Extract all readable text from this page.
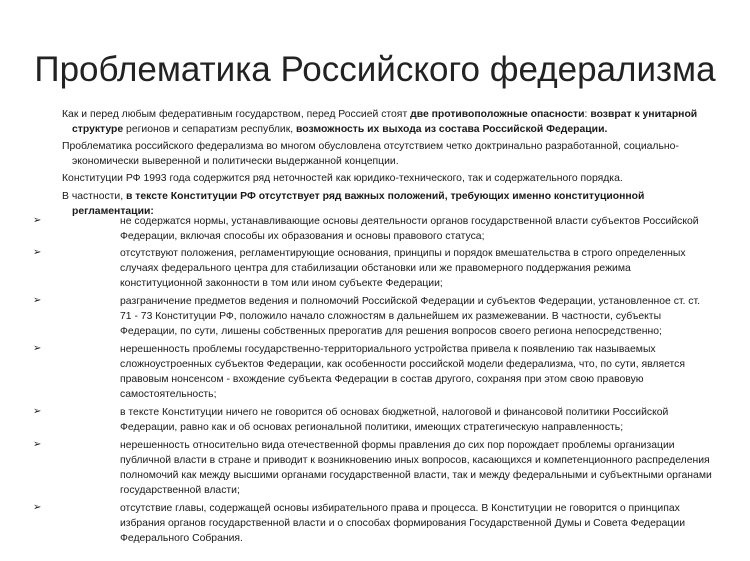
Проблематика Российского федерализма

Как и перед любым федеративным государством, перед Россией стоят две противоположные опасности: возврат к унитарной структуре регионов и сепаратизм республик, возможность их выхода из состава Российской Федерации.

Проблематика российского федерализма во многом обусловлена отсутствием четко доктринально разработанной, социально-экономически выверенной и политически выдержанной концепции.

Конституции РФ 1993 года содержится ряд неточностей как юридико-технического, так и содержательного порядка.

В частности, в тексте Конституции РФ отсутствует ряд важных положений, требующих именно конституционной регламентации:

➢	не содержатся нормы, устанавливающие основы деятельности органов государственной власти субъектов Российской Федерации, включая способы их образования и основы правового статуса;
➢	отсутствуют положения, регламентирующие основания, принципы и порядок вмешательства в строго определенных случаях федерального центра для стабилизации обстановки или же правомерного поддержания режима конституционной законности в том или ином субъекте Федерации;
➢	разграничение предметов ведения и полномочий Российской Федерации и субъектов Федерации, установленное ст. ст. 71 - 73 Конституции РФ, положило начало сложностям в дальнейшем их размежевании. В частности, субъекты Федерации, по сути, лишены собственных прерогатив для решения вопросов своего региона непосредственно;
➢	нерешенность проблемы государственно-территориального устройства привела к появлению так называемых сложноустроенных субъектов Федерации, как особенности российской модели федерализма, что, по сути, является правовым нонсенсом - вхождение субъекта Федерации в состав другого, сохраняя при этом свою правовую самостоятельность;
➢	в тексте Конституции ничего не говорится об основах бюджетной, налоговой и финансовой политики Российской Федерации, равно как и об основах региональной политики, имеющих стратегическую направленность;
➢	нерешенность относительно вида отечественной формы правления до сих пор порождает проблемы организации публичной власти в стране и приводит к возникновению иных вопросов, касающихся и компетенционного распределения полномочий как между высшими органами государственной власти, так и между федеральными и субъектными органами государственной власти;
➢	отсутствие главы, содержащей основы избирательного права и процесса. В Конституции не говорится о принципах избрания органов государственной власти и о способах формирования Государственной Думы и Совета Федерации Федерального Собрания.
